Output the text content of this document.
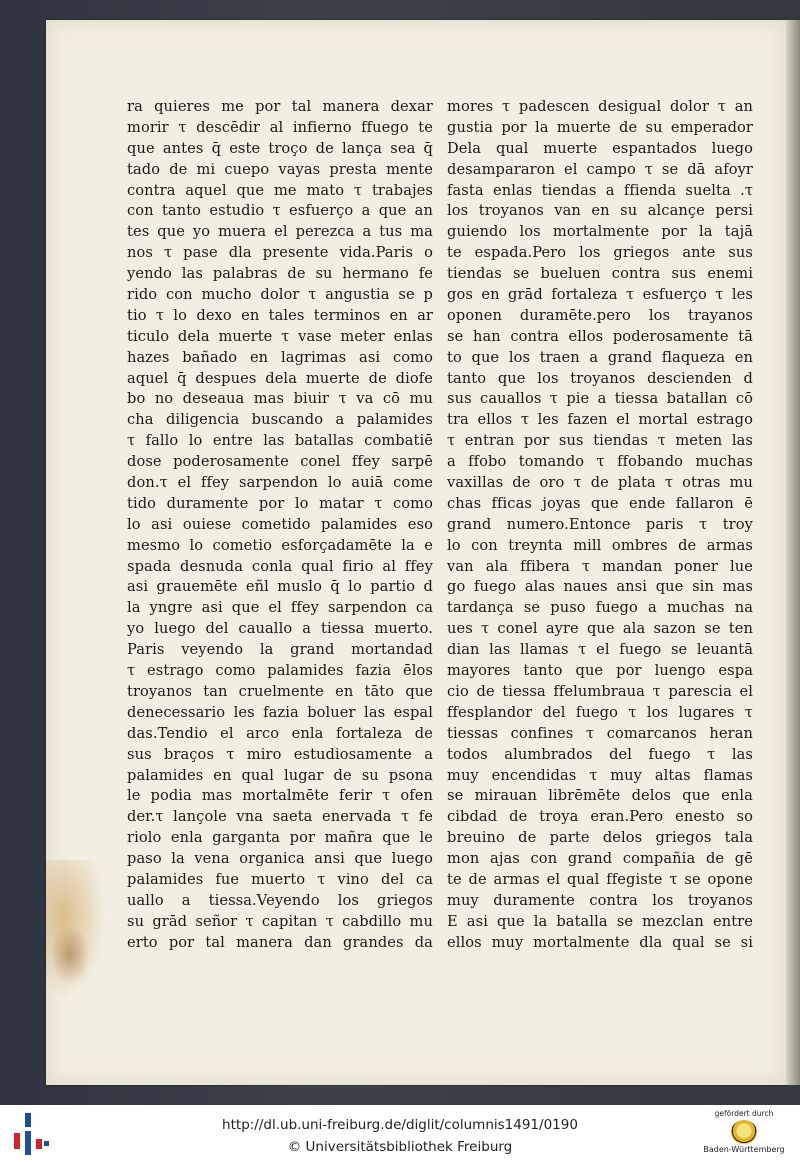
ra quieres me por tal manera dexar
morir τ descēdir al infierno ffuego te
que antes q̄ este troço de lança sea q̄
tado de mi cuepo vayas presta mente
contra aquel que me mato τ trabajes
con tanto estudio τ esfuerço a que an
tes que yo muera el perezca a tus ma
nos τ pase dla presente vida.Paris o
yendo las palabras de su hermano fe
rido con mucho dolor τ angustia se p
tio τ lo dexo en tales terminos en ar
ticulo dela muerte τ vase meter enlas
hazes bañado en lagrimas asi como
aquel q̄ despues dela muerte de diofe
bo no deseaua mas biuir τ va cō mu
cha diligencia buscando a palamides
τ fallo lo entre las batallas combatiē
dose poderosamente conel ffey sarpē
don.τ el ffey sarpendon lo auiā come
tido duramente por lo matar τ como
lo asi ouiese cometido palamides eso
mesmo lo cometio esforçadamēte la e
spada desnuda conla qual firio al ffey
asi grauemēte eñl muslo q̄ lo partio d
la yngre asi que el ffey sarpendon ca
yo luego del cauallo a tiessa muerto.
Paris veyendo la grand mortandad
τ estrago como palamides fazia ēlos
troyanos tan cruelmente en tāto que
denecessario les fazia boluer las espal
das.Tendio el arco enla fortaleza de
sus braços τ miro estudiosamente a
palamides en qual lugar de su psona
le podia mas mortalmēte ferir τ ofen
der.τ lançole vna saeta enervada τ fe
riolo enla garganta por mañra que le
paso la vena organica ansi que luego
palamides fue muerto τ vino del ca
uallo a tiessa.Veyendo los griegos
su grād señor τ capitan τ cabdillo mu
erto por tal manera dan grandes da
mores τ padescen desigual dolor τ an
gustia por la muerte de su emperador
Dela qual muerte espantados luego
desampararon el campo τ se dā afoyr
fasta enlas tiendas a ffienda suelta .τ
los troyanos van en su alcançe persi
guiendo los mortalmente por la tajā
te espada.Pero los griegos ante sus
tiendas se bueluen contra sus enemi
gos en grād fortaleza τ esfuerço τ les
oponen duramēte.pero los trayanos
se han contra ellos poderosamente tā
to que los traen a grand flaqueza en
tanto que los troyanos descienden d
sus cauallos τ pie a tiessa batallan cō
tra ellos τ les fazen el mortal estrago
τ entran por sus tiendas τ meten las
a ffobo tomando τ ffobando muchas
vaxillas de oro τ de plata τ otras mu
chas fficas joyas que ende fallaron ē
grand numero.Entonce paris τ troy
lo con treynta mill ombres de armas
van ala ffibera τ mandan poner lue
go fuego alas naues ansi que sin mas
tardança se puso fuego a muchas na
ues τ conel ayre que ala sazon se ten
dian las llamas τ el fuego se leuantā
mayores tanto que por luengo espa
cio de tiessa ffelumbraua τ parescia el
ffesplandor del fuego τ los lugares τ
tiessas confines τ comarcanos heran
todos alumbrados del fuego τ las
muy encendidas τ muy altas flamas
se mirauan librēmēte delos que enla
cibdad de troya eran.Pero enesto so
breuino de parte delos griegos tala
mon ajas con grand compañia de gē
te de armas el qual ffegiste τ se opone
muy duramente contra los troyanos
E asi que la batalla se mezclan entre
ellos muy mortalmente dla qual se si
http://dl.ub.uni-freiburg.de/diglit/columnis1491/0190
© Universitätsbibliothek Freiburg
gefördert durch
Baden-Württemberg
